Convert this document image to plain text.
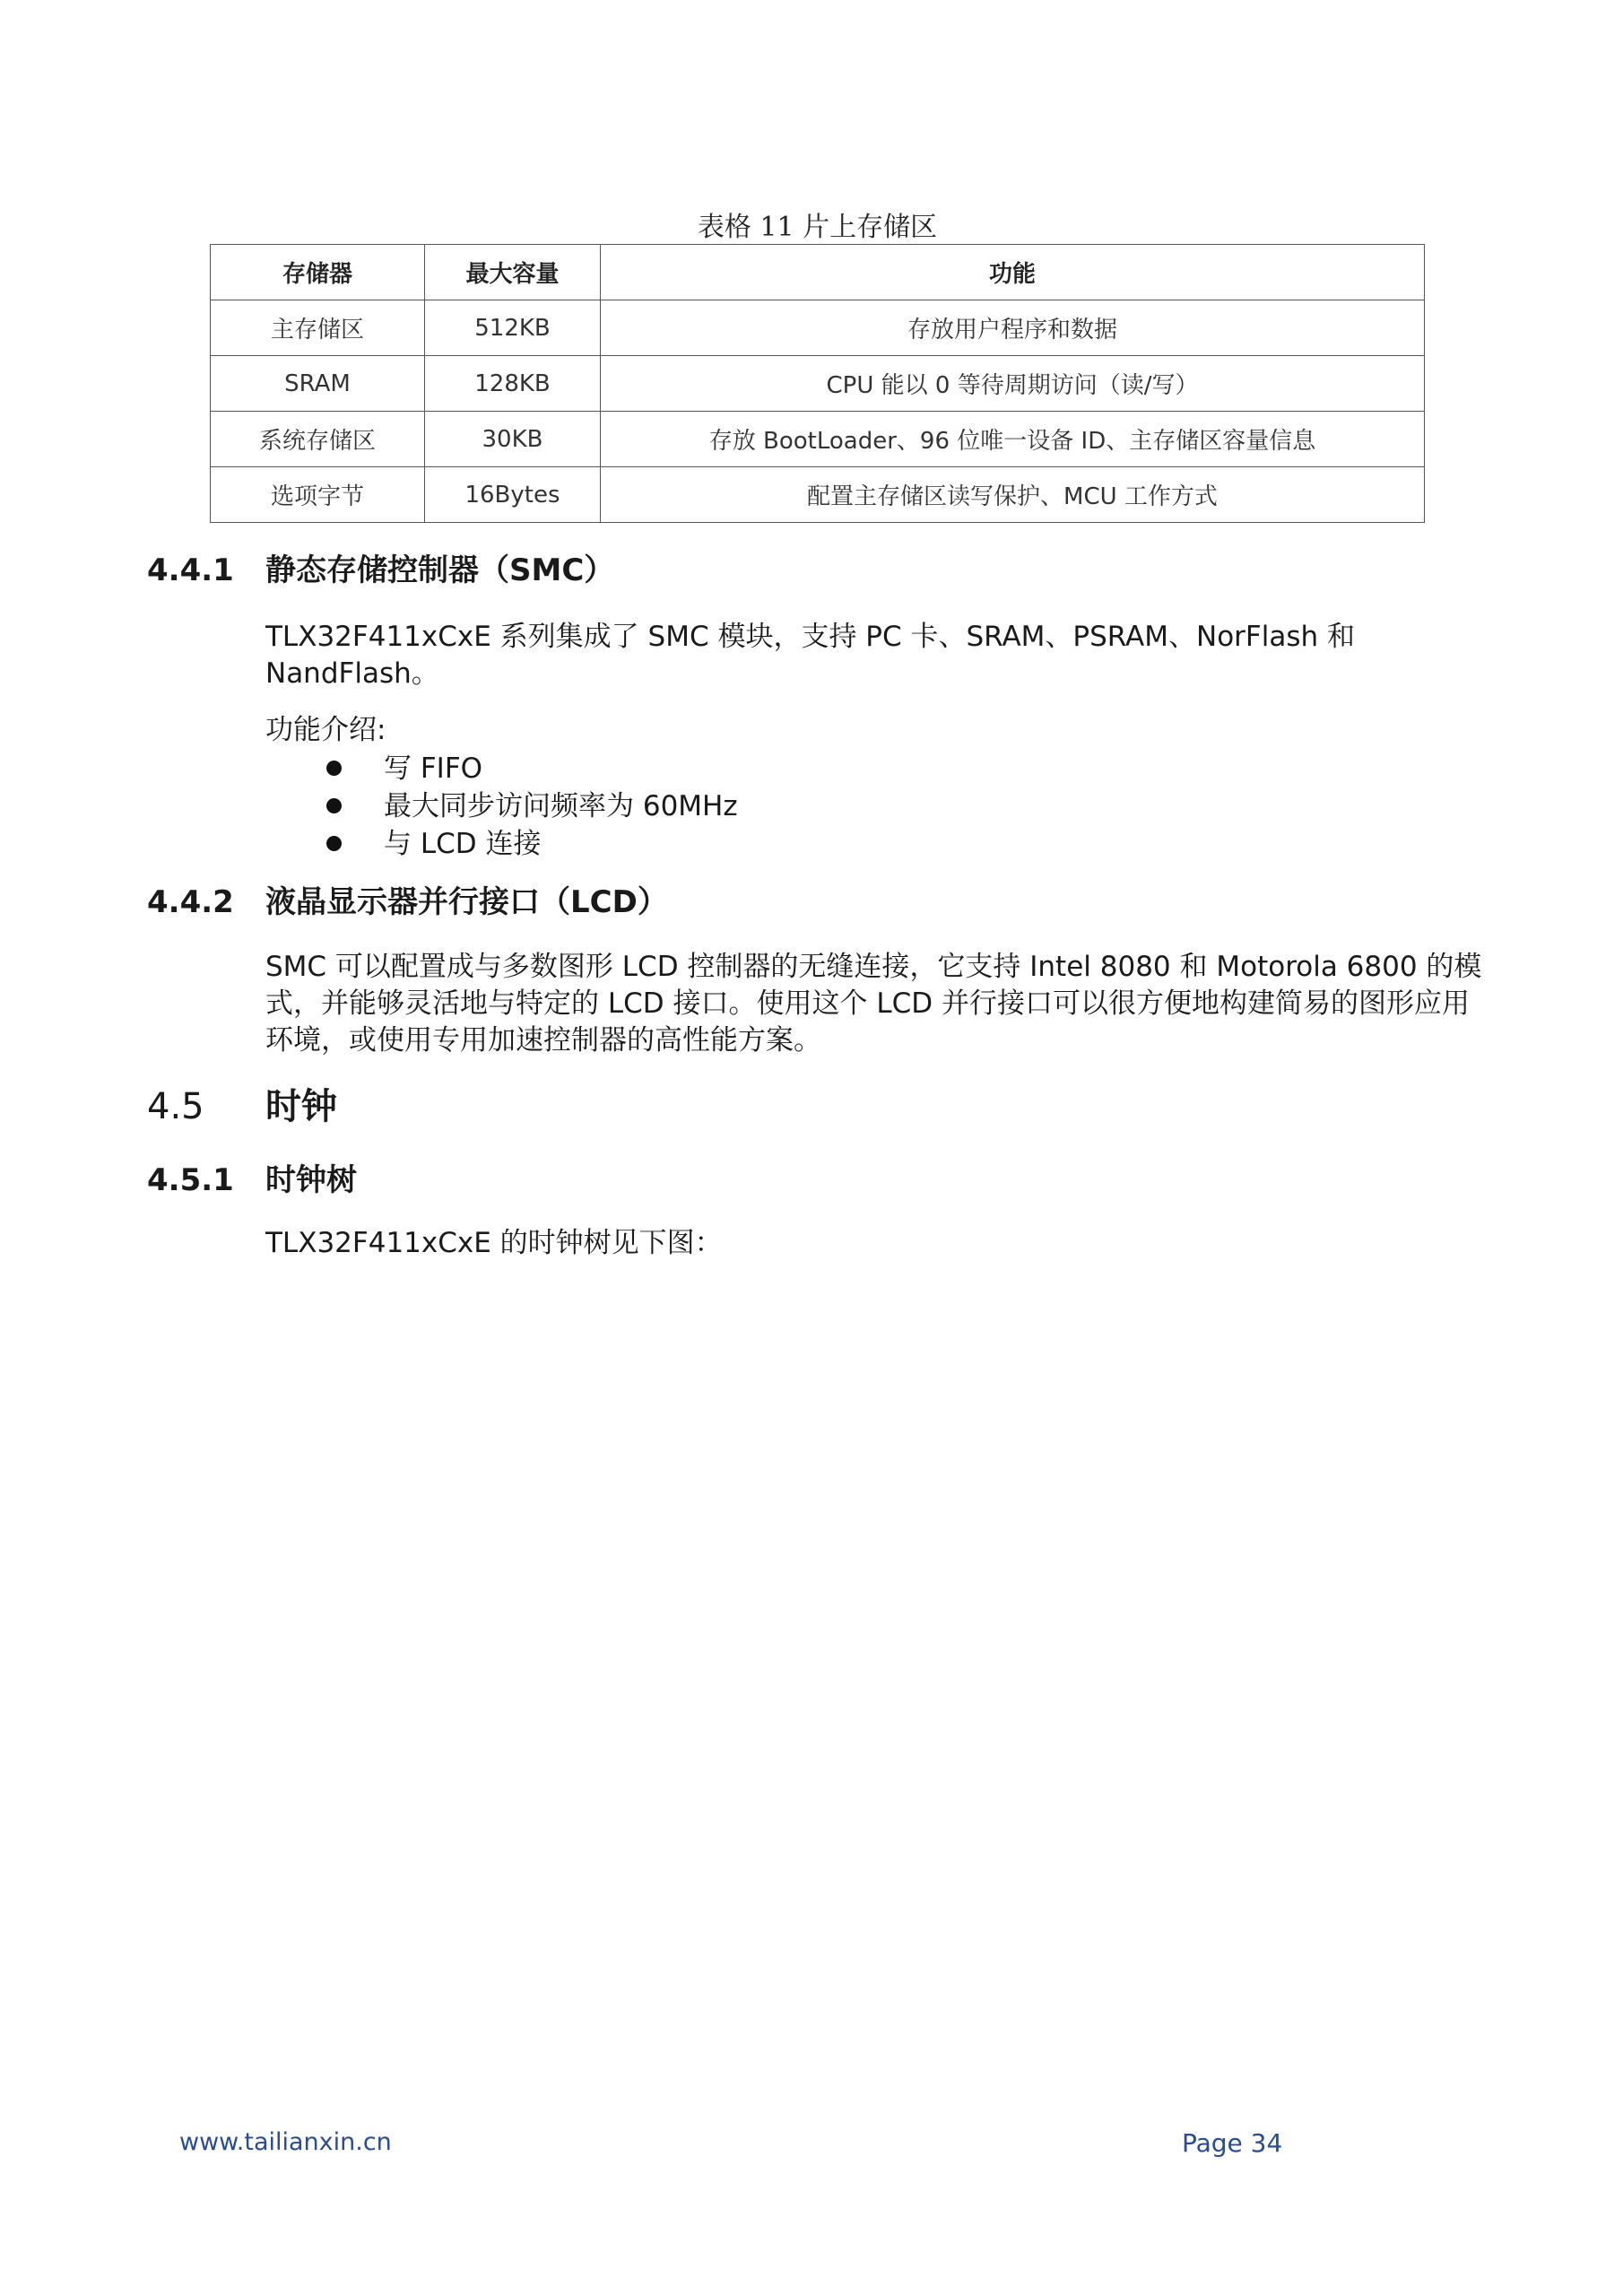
表格 11 片上存储区
存储器	最大容量	功能
主存储区	512KB	存放用户程序和数据
SRAM	128KB	CPU 能以 0 等待周期访问（读/写）
系统存储区	30KB	存放 BootLoader、96 位唯一设备 ID、主存储区容量信息
选项字节	16Bytes	配置主存储区读写保护、MCU 工作方式
4.4.1 静态存储控制器（SMC）
TLX32F411xCxE 系列集成了 SMC 模块，支持 PC 卡、SRAM、PSRAM、NorFlash 和 NandFlash。
功能介绍:
写 FIFO
最大同步访问频率为 60MHz
与 LCD 连接
4.4.2 液晶显示器并行接口（LCD）
SMC 可以配置成与多数图形 LCD 控制器的无缝连接，它支持 Intel 8080 和 Motorola 6800 的模式，并能够灵活地与特定的 LCD 接口。使用这个 LCD 并行接口可以很方便地构建简易的图形应用环境，或使用专用加速控制器的高性能方案。
4.5 时钟
4.5.1 时钟树
TLX32F411xCxE 的时钟树见下图：
www.tailianxin.cn	Page 34
